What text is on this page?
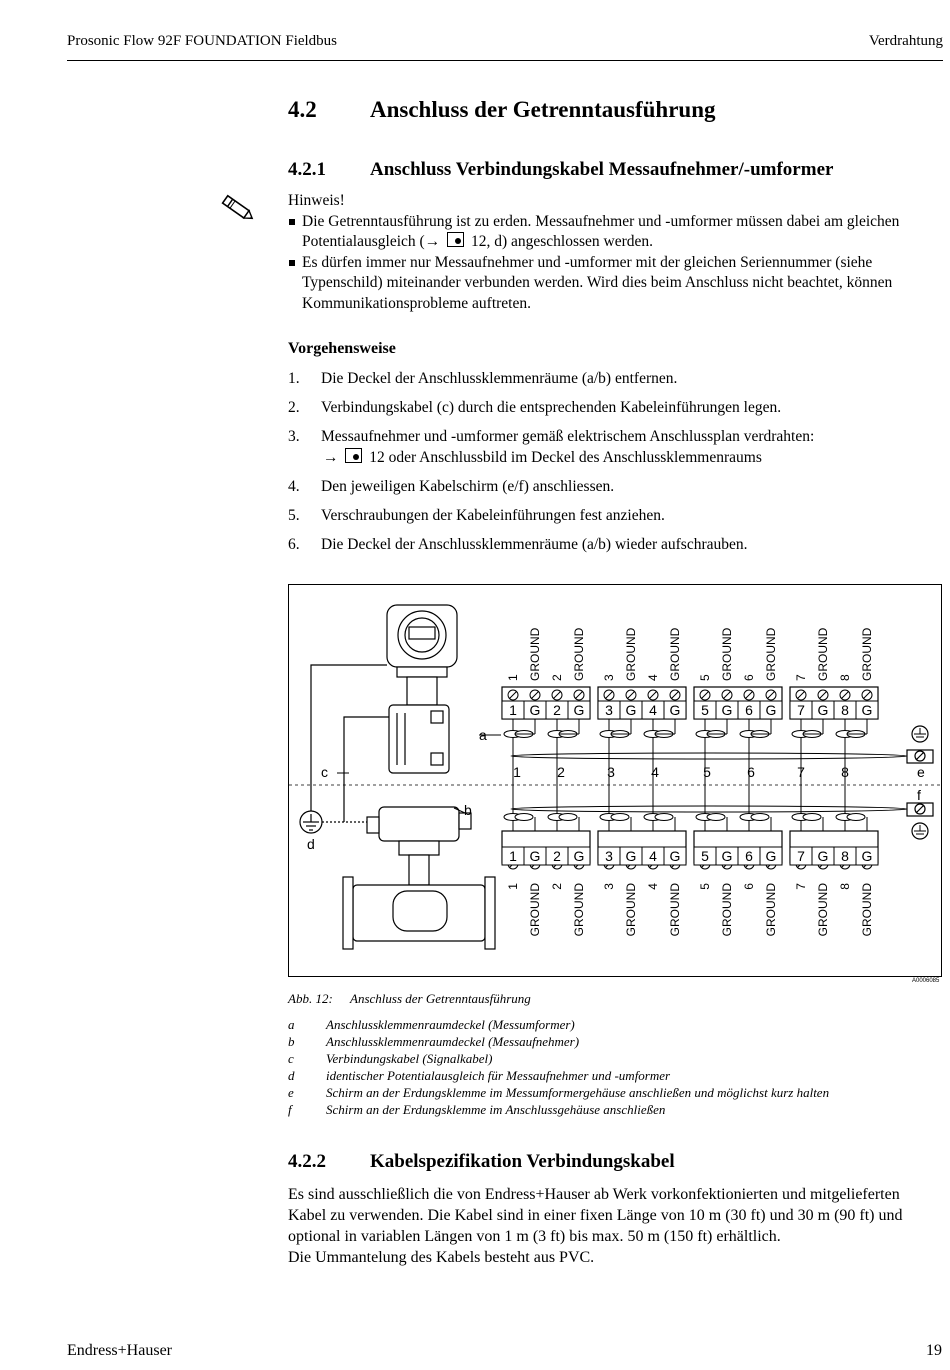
Prosonic Flow 92F FOUNDATION Fieldbus	Verdrahtung
4.2 Anschluss der Getrenntausführung
4.2.1 Anschluss Verbindungskabel Messaufnehmer/-umformer
Hinweis!
Die Getrenntausführung ist zu erden. Messaufnehmer und -umformer müssen dabei am gleichen Potentialausgleich (→ 12, d) angeschlossen werden.
Es dürfen immer nur Messaufnehmer und -umformer mit der gleichen Seriennummer (siehe Typenschild) miteinander verbunden werden. Wird dies beim Anschluss nicht beachtet, können Kommunikationsprobleme auftreten.
Vorgehensweise
1.	Die Deckel der Anschlussklemmenräume (a/b) entfernen.
2.	Verbindungskabel (c) durch die entsprechenden Kabeleinführungen legen.
3.	Messaufnehmer und -umformer gemäß elektrischem Anschlussplan verdrahten:
→ 12 oder Anschlussbild im Deckel des Anschlussklemmenraums
4.	Den jeweiligen Kabelschirm (e/f) anschliessen.
5.	Verschraubungen der Kabeleinführungen fest anziehen.
6.	Die Deckel der Anschlussklemmenräume (a/b) wieder aufschrauben.
1
1
G
GROUND
2
2
G
GROUND
3
3
G
GROUND
4
4
G
GROUND
5
5
G
GROUND
6
6
G
GROUND
7
7
G
GROUND
8
8
G
GROUND
1
1
G
GROUND
2
2
G
GROUND
3
3
G
GROUND
4
4
G
GROUND
5
5
G
GROUND
6
6
G
GROUND
7
7
G
GROUND
8
8
G
GROUND
1	2	3	4	5	6	7	8
a
c
b
d
e
f
A0006085
Abb. 12: Anschluss der Getrenntausführung
a	Anschlussklemmenraumdeckel (Messumformer)
b	Anschlussklemmenraumdeckel (Messaufnehmer)
c	Verbindungskabel (Signalkabel)
d	identischer Potentialausgleich für Messaufnehmer und -umformer
e	Schirm an der Erdungsklemme im Messumformergehäuse anschließen und möglichst kurz halten
f	Schirm an der Erdungsklemme im Anschlussgehäuse anschließen
4.2.2 Kabelspezifikation Verbindungskabel
Es sind ausschließlich die von Endress+Hauser ab Werk vorkonfektionierten und mitgelieferten Kabel zu verwenden. Die Kabel sind in einer fixen Länge von 10 m (30 ft) und 30 m (90 ft) und optional in variablen Längen von 1 m (3 ft) bis max. 50 m (150 ft) erhältlich.
Die Ummantelung des Kabels besteht aus PVC.
Endress+Hauser	19
